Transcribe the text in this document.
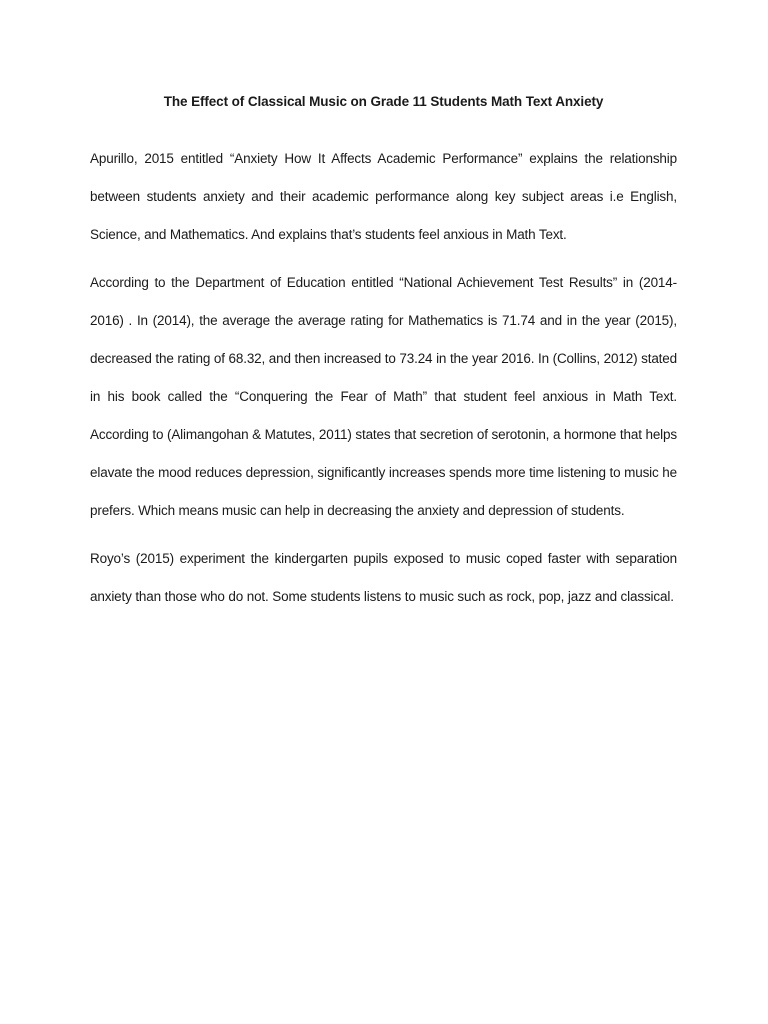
The Effect of Classical Music on Grade 11 Students Math Text Anxiety

Apurillo, 2015 entitled “Anxiety How It Affects Academic Performance” explains the relationship between students anxiety and their academic performance along key subject areas i.e English, Science, and Mathematics. And explains that’s students feel anxious in Math Text.

According to the Department of Education entitled “National Achievement Test Results” in (2014-2016) . In (2014), the average the average rating for Mathematics is 71.74 and in the year (2015), decreased the rating of 68.32, and then increased to 73.24 in the year 2016. In (Collins, 2012) stated in his book called the “Conquering the Fear of Math” that student feel anxious in Math Text. According to (Alimangohan & Matutes, 2011) states that secretion of serotonin, a hormone that helps elavate the mood reduces depression, significantly increases spends more time listening to music he prefers. Which means music can help in decreasing the anxiety and depression of students.

Royo’s (2015) experiment the kindergarten pupils exposed to music coped faster with separation anxiety than those who do not. Some students listens to music such as rock, pop, jazz and classical.
